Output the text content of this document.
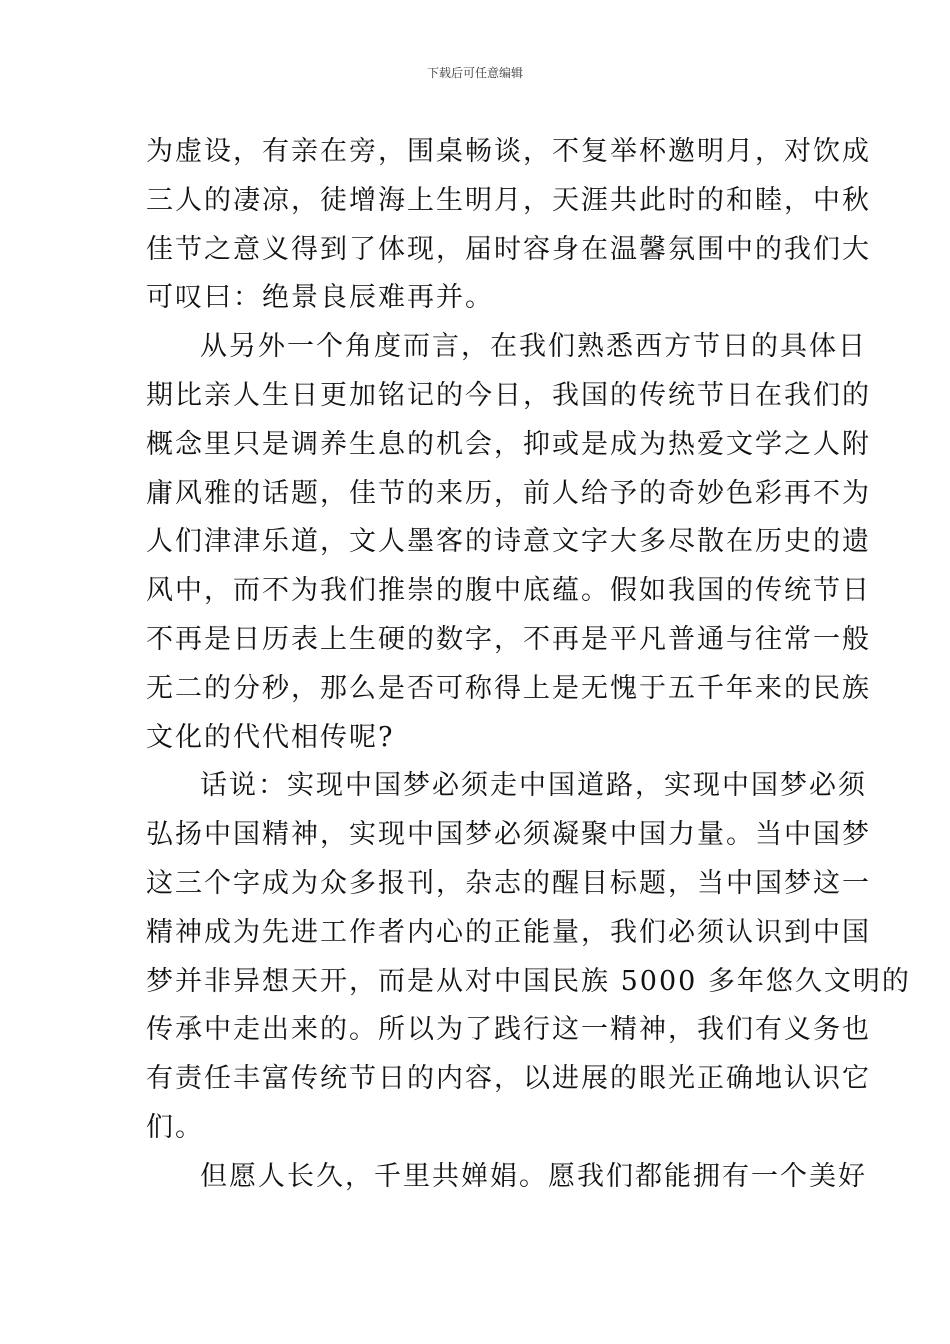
下载后可任意编辑
为虚设，有亲在旁，围桌畅谈，不复举杯邀明月，对饮成
三人的凄凉，徒增海上生明月，天涯共此时的和睦，中秋
佳节之意义得到了体现，届时容身在温馨氛围中的我们大
可叹曰：绝景良辰难再并。
从另外一个角度而言，在我们熟悉西方节日的具体日
期比亲人生日更加铭记的今日，我国的传统节日在我们的
概念里只是调养生息的机会，抑或是成为热爱文学之人附
庸风雅的话题，佳节的来历，前人给予的奇妙色彩再不为
人们津津乐道，文人墨客的诗意文字大多尽散在历史的遗
风中，而不为我们推崇的腹中底蕴。假如我国的传统节日
不再是日历表上生硬的数字，不再是平凡普通与往常一般
无二的分秒，那么是否可称得上是无愧于五千年来的民族
文化的代代相传呢?
话说：实现中国梦必须走中国道路，实现中国梦必须
弘扬中国精神，实现中国梦必须凝聚中国力量。当中国梦
这三个字成为众多报刊，杂志的醒目标题，当中国梦这一
精神成为先进工作者内心的正能量，我们必须认识到中国
梦并非异想天开，而是从对中国民族 5000 多年悠久文明的
传承中走出来的。所以为了践行这一精神，我们有义务也
有责任丰富传统节日的内容，以进展的眼光正确地认识它
们。
但愿人长久，千里共婵娟。愿我们都能拥有一个美好
